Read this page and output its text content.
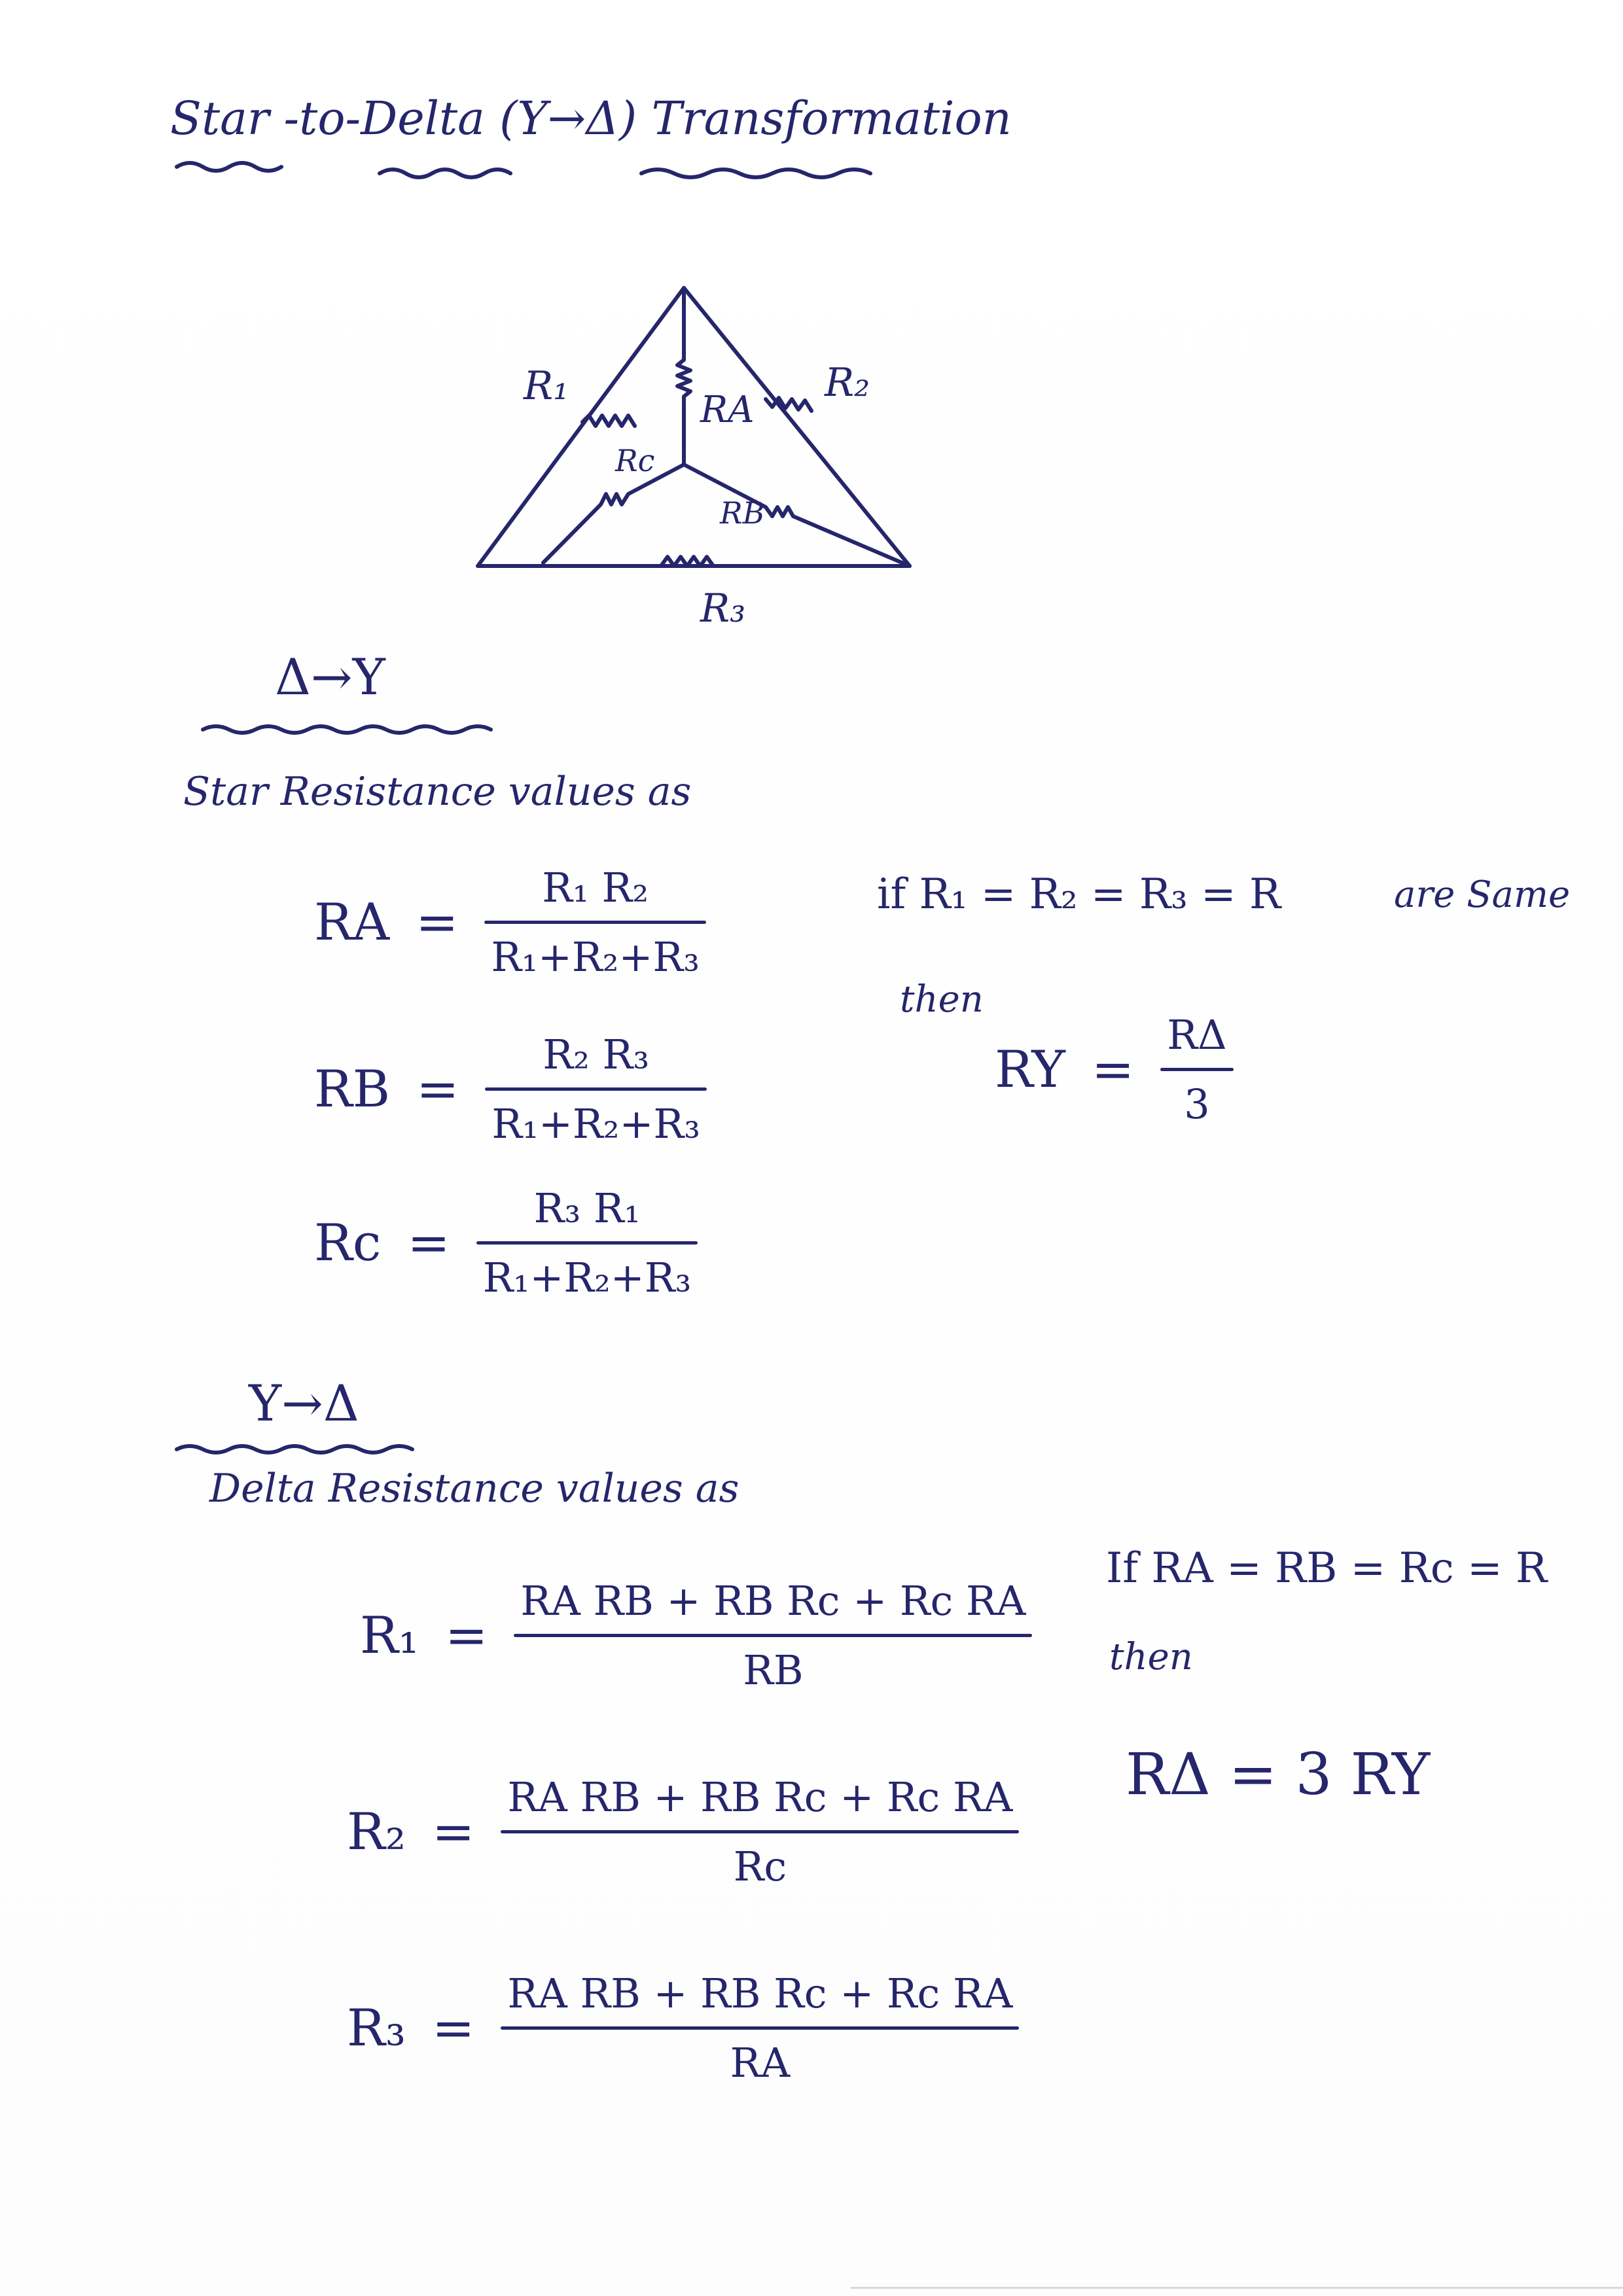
Star -to-Delta (Y→Δ) Transformation
R₁	R₂
RA
Rc
RB
R₃
Δ→Y
Star Resistance values as
RA =
R₁ R₂
R₁+R₂+R₃
RB =
R₂ R₃
R₁+R₂+R₃
Rc =
R₃ R₁
R₁+R₂+R₃
if R₁ = R₂ = R₃ = R	are Same
then
RY =
RΔ
3
Y→Δ
Delta Resistance values as
R₁ =
RA RB + RB Rc + Rc RA
RB
R₂ =
RA RB + RB Rc + Rc RA
Rc
R₃ =
RA RB + RB Rc + Rc RA
RA
If RA = RB = Rc = R
then
RΔ = 3 RY
